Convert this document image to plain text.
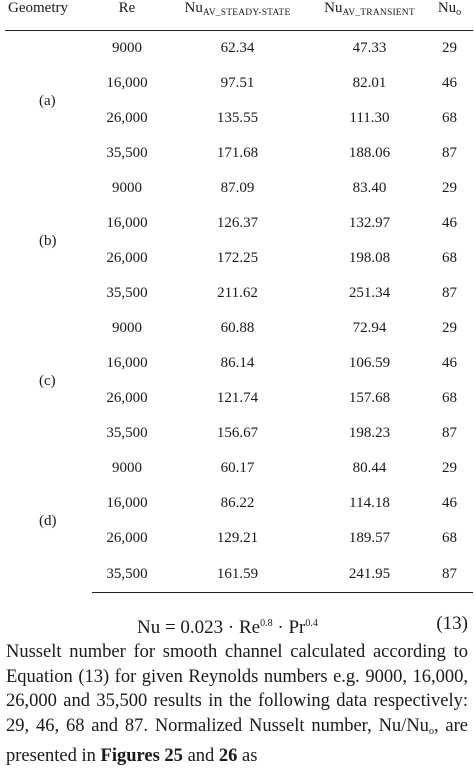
Geometry	Re	$Nu_{AV\_STEADY-STATE}$	$Nu_{AV\_TRANSIENT}$	$Nu_o$
(a)	9000	62.34	47.33	29
	16,000	97.51	82.01	46
	26,000	135.55	111.30	68
	35,500	171.68	188.06	87
(b)	9000	87.09	83.40	29
	16,000	126.37	132.97	46
	26,000	172.25	198.08	68
	35,500	211.62	251.34	87
(c)	9000	60.88	72.94	29
	16,000	86.14	106.59	46
	26,000	121.74	157.68	68
	35,500	156.67	198.23	87
(d)	9000	60.17	80.44	29
	16,000	86.22	114.18	46
	26,000	129.21	189.57	68
	35,500	161.59	241.95	87
$Nu = 0.023 \cdot Re^{0.8} \cdot Pr^{0.4}$	(13)
Nusselt number for smooth channel calculated according to Equation (13) for given Reynolds numbers e.g. 9000, 16,000, 26,000 and 35,500 results in the following data respectively: 29, 46, 68 and 87. Normalized Nusselt number, Nu/Nuo, are presented in Figures 25 and 26 as
